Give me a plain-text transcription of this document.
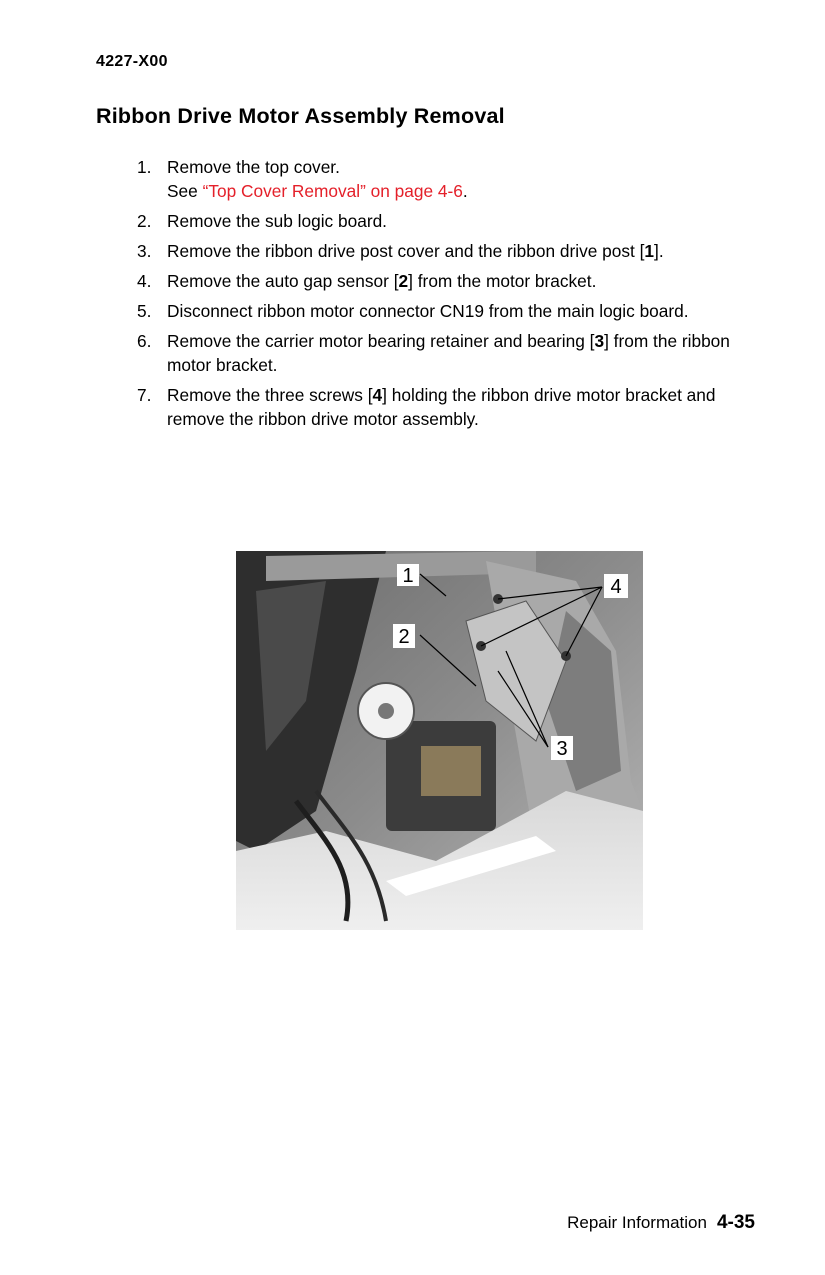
4227-X00
Ribbon Drive Motor Assembly Removal
1. Remove the top cover.
See “Top Cover Removal” on page 4-6.
2. Remove the sub logic board.
3. Remove the ribbon drive post cover and the ribbon drive post [1].
4. Remove the auto gap sensor [2] from the motor bracket.
5. Disconnect ribbon motor connector CN19 from the main logic board.
6. Remove the carrier motor bearing retainer and bearing [3] from the ribbon motor bracket.
7. Remove the three screws [4] holding the ribbon drive motor bracket and remove the ribbon drive motor assembly.
1
2
3
4
Repair Information 4-35
